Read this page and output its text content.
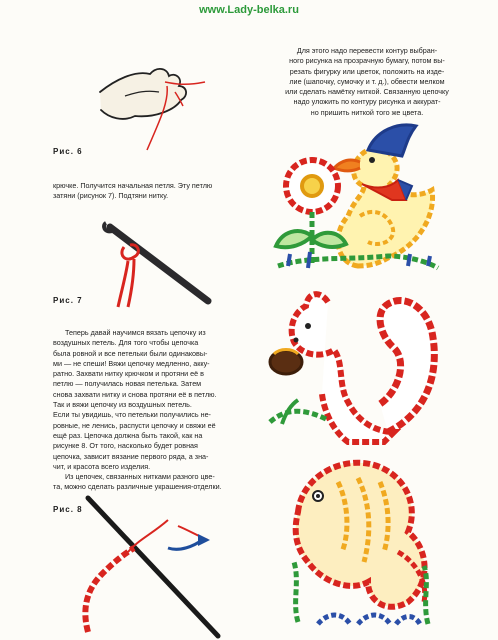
www.Lady-belka.ru
Рис. 6

крючке. Получится начальная петля. Эту петлю

затяни (рисунок 7). Подтяни нитку.

Рис. 7

Теперь давай научимся вязать цепочку из

воздушных петель. Для того чтобы цепочка

была ровной и все петельки были одинаковы-

ми — не спеши! Вяжи цепочку медленно, акку-

ратно. Захвати нитку крючком и протяни её в

петлю — получилась новая петелька. Затем

снова захвати нитку и снова протяни её в петлю.

Так и вяжи цепочку из воздушных петель.

Если ты увидишь, что петельки получились не-

ровные, не ленись, распусти цепочку и свяжи её

ещё раз. Цепочка должна быть такой, как на

рисунке 8. От того, насколько будет ровная

цепочка, зависит вязание первого ряда, а зна-

чит, и красота всего изделия.

Из цепочек, связанных нитками разного цве-

та, можно сделать различные украшения-отделки.

Рис. 8

Для этого надо перевести контур выбран-

ного рисунка на прозрачную бумагу, потом вы-

резать фигурку или цветок, положить на изде-

лие (шапочку, сумочку и т. д.), обвести мелком

или сделать намётку ниткой. Связанную цепочку

надо уложить по контуру рисунка и аккурат-

но пришить ниткой того же цвета.
